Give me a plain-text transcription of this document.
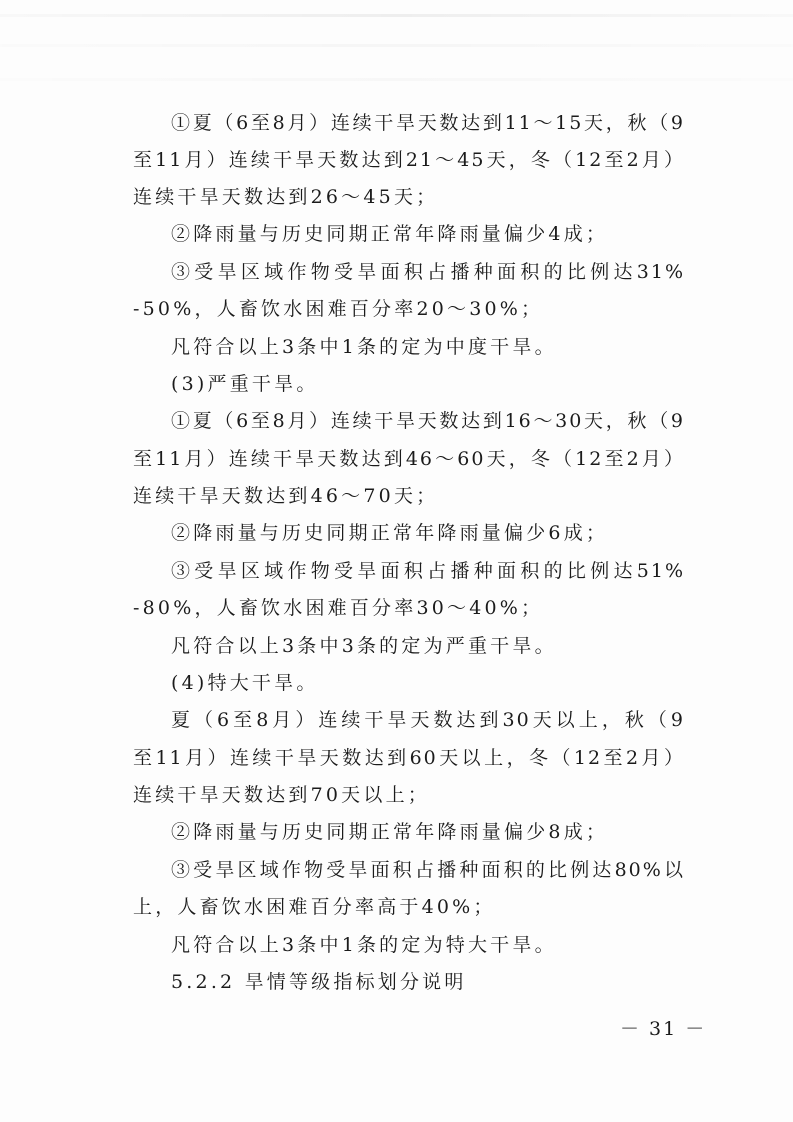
①夏（6至8月）连续干旱天数达到11～15天，秋（9
至11月）连续干旱天数达到21～45天，冬（12至2月）
连续干旱天数达到26～45天；
②降雨量与历史同期正常年降雨量偏少4成；
③受旱区域作物受旱面积占播种面积的比例达31%
-50%，人畜饮水困难百分率20～30%；
凡符合以上3条中1条的定为中度干旱。
(3)严重干旱。
①夏（6至8月）连续干旱天数达到16～30天，秋（9
至11月）连续干旱天数达到46～60天，冬（12至2月）
连续干旱天数达到46～70天；
②降雨量与历史同期正常年降雨量偏少6成；
③受旱区域作物受旱面积占播种面积的比例达51%
-80%，人畜饮水困难百分率30～40%；
凡符合以上3条中3条的定为严重干旱。
(4)特大干旱。
夏（6至8月）连续干旱天数达到30天以上，秋（9
至11月）连续干旱天数达到60天以上，冬（12至2月）
连续干旱天数达到70天以上；
②降雨量与历史同期正常年降雨量偏少8成；
③受旱区域作物受旱面积占播种面积的比例达80%以
上，人畜饮水困难百分率高于40%；
凡符合以上3条中1条的定为特大干旱。
5.2.2 旱情等级指标划分说明
－ 31 －
